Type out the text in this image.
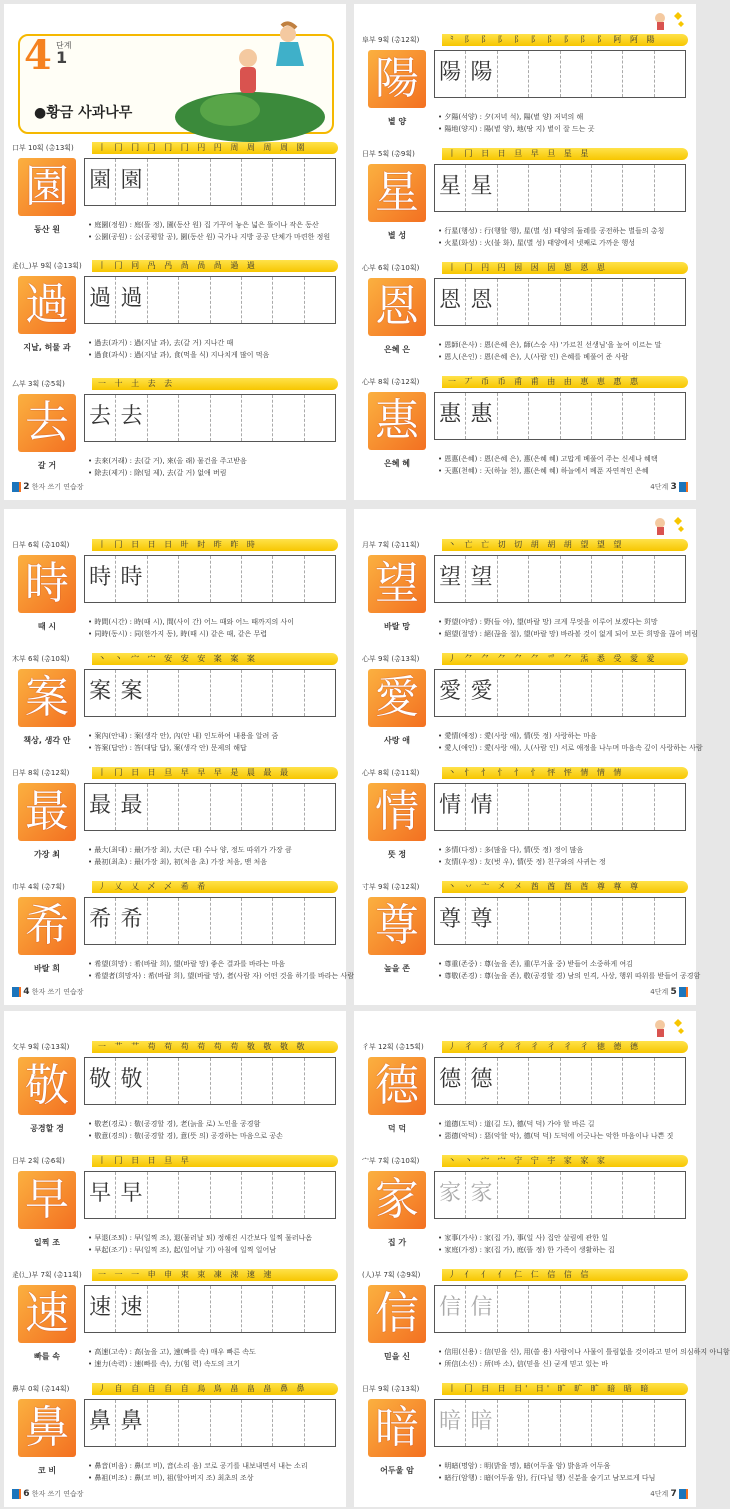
4 단계
1
●황금 사과나무
口부 10획 (총13획)	丨 冂 冂 冂 冂 冂 円 円 周 周 周 周 園
園 園 園
동산 원	• 庭園(정원) : 庭(뜰 정), 園(동산 원) 집 가꾸어 놓은 넓은 뜰이나 작은 동산
• 公園(공원) : 公(공평할 공), 園(동산 원) 국가나 지방 공공 단체가 마련한 정원
辵(辶)부 9획 (총13획)	丨 冂 冋 冎 冎 咼 咼 咼 過 過
過 過 過
지날, 허물 과	• 過去(과거) : 過(지날 과), 去(갈 거) 지나간 때
• 過食(과식) : 過(지날 과), 食(먹을 식) 지나치게 많이 먹음
厶부 3획 (총5획)	一 十 土 去 去
去 去 去
갈 거	• 去來(거래) : 去(갈 거), 來(올 래) 물건을 주고받음
• 除去(제거) : 除(덜 제), 去(갈 거) 없애 버림
2 한자 쓰기 연습장
阜부 9획 (총12획)	⺀ ⻖ ⻖ ⻖ 阝 阝 阝 阝 阝 阝 阿 阿 陽
陽 陽 陽
볕 양	• 夕陽(석양) : 夕(저녁 석), 陽(볕 양) 저녁의 해
• 陽地(양지) : 陽(볕 양), 地(땅 지) 볕이 잘 드는 곳
日부 5획 (총9획)	丨 冂 日 日 旦 早 旦 星 星
星 星 星
별 성	• 行星(행성) : 行(행할 행), 星(별 성) 태양의 둘레를 공전하는 별들의 총칭
• 火星(화성) : 火(불 화), 星(별 성) 태양에서 넷째로 가까운 행성
心부 6획 (총10획)	丨 冂 円 円 因 因 因 恩 恩 恩
恩 恩 恩
은혜 은	• 恩師(은사) : 恩(은혜 은), 師(스승 사) '가르친 선생님'을 높여 이르는 말
• 恩人(은인) : 恩(은혜 은), 人(사람 인) 은혜를 베풀어 준 사람
心부 8획 (총12획)	一 丆 币 币 甫 甫 由 由 恵 恵 惠 惠
惠 惠 惠
은혜 혜	• 恩惠(은혜) : 恩(은혜 은), 惠(은혜 혜) 고맙게 베풀어 주는 신세나 혜택
• 天惠(천혜) : 天(하늘 천), 惠(은혜 혜) 하늘에서 베푼 자연적인 은혜
4단계 3
日부 6획 (총10획)	丨 冂 日 日 日 旪 时 昨 昨 時
時 時 時
때 시	• 時間(시간) : 時(때 시), 間(사이 간) 어느 때와 어느 때까지의 사이
• 同時(동시) : 同(한가지 동), 時(때 시) 같은 때, 같은 무렵
木부 6획 (총10획)	丶 丶 宀 宀 安 安 安 案 案 案
案 案 案
책상, 생각 안	• 案內(안내) : 案(생각 안), 內(안 내) 인도하여 내용을 알려 줌
• 答案(답안) : 答(대답 답), 案(생각 안) 문제의 해답
日부 8획 (총12획)	丨 冂 日 日 旦 早 早 早 是 晨 最 最
最 最 最
가장 최	• 最大(최대) : 最(가장 최), 大(큰 대) 수나 양, 정도 따위가 가장 큼
• 最初(최초) : 最(가장 최), 初(처음 초) 가장 처음, 맨 처음
巾부 4획 (총7획)	丿 乂 乂 乄 乄 希 希
希 希 希
바랄 희	• 希望(희망) : 希(바랄 희), 望(바랄 망) 좋은 결과를 바라는 마음
• 希望者(희망자) : 希(바랄 희), 望(바랄 망), 者(사람 자) 어떤 것을 하기를 바라는 사람
4 한자 쓰기 연습장
月부 7획 (총11획)	丶 亡 亡 切 切 胡 胡 胡 望 望 望
望 望 望
바랄 망	• 野望(야망) : 野(들 야), 望(바랄 망) 크게 무엇을 이루어 보겠다는 희망
• 絕望(절망) : 絕(끊을 절), 望(바랄 망) 바라볼 것이 없게 되어 모든 희망을 끊어 버림
心부 9획 (총13획)	丿 ⺈ ⺈ ⺈ ⺈ ⺈ 爫 ⺈ 炁 悉 受 愛 愛
愛 愛 愛
사랑 애	• 愛情(애정) : 愛(사랑 애), 情(뜻 정) 사랑하는 마음
• 愛人(애인) : 愛(사랑 애), 人(사람 인) 서로 애정을 나누며 마음속 깊이 사랑하는 사람
心부 8획 (총11획)	丶 忄 忄 忄 忄 忄 怦 怦 情 情 情
情 情 情
뜻 정	• 多情(다정) : 多(많을 다), 情(뜻 정) 정이 많음
• 友情(우정) : 友(벗 우), 情(뜻 정) 친구와의 사귀는 정
寸부 9획 (총12획)	丶 丷 亠 㐅 㐅 酋 酋 酋 酋 尊 尊 尊
尊 尊 尊
높을 존	• 尊重(존중) : 尊(높을 존), 重(무거울 중) 받들어 소중하게 여김
• 尊敬(존경) : 尊(높을 존), 敬(공경할 경) 남의 인격, 사상, 행위 따위를 받들어 공경함
4단계 5
攵부 9획 (총13획)	一 艹 艹 苟 苟 苟 苟 苟 苟 敬 敬 敬 敬
敬 敬 敬
공경할 경	• 敬老(경로) : 敬(공경할 경), 老(늙을 로) 노인을 공경함
• 敬意(경의) : 敬(공경할 경), 意(뜻 의) 공경하는 마음으로 공손
日부 2획 (총6획)	丨 冂 日 日 旦 早
早 早 早
일찍 조	• 早退(조퇴) : 早(일찍 조), 退(물러날 퇴) 정해진 시간보다 일찍 물러나옴
• 早起(조기) : 早(일찍 조), 起(일어날 기) 아침에 일찍 일어남
辵(辶)부 7획 (총11획)	一 一 一 申 申 束 束 凍 涑 速 速
速 速 速
빠를 속	• 高速(고속) : 高(높을 고), 速(빠를 속) 매우 빠른 속도
• 速力(속력) : 速(빠를 속), 力(힘 력) 속도의 크기
鼻부 0획 (총14획)	丿 自 自 自 自 自 鳥 鳥 畠 畠 畠 鼻 鼻
鼻 鼻 鼻
코 비	• 鼻音(비음) : 鼻(코 비), 音(소리 음) 코로 공기를 내보내면서 내는 소리
• 鼻祖(비조) : 鼻(코 비), 祖(할아버지 조) 최초의 조상
6 한자 쓰기 연습장
彳부 12획 (총15획)	丿 彳 彳 彳 彳 彳 彳 彳 彳 徳 德 德
德 德 德
덕 덕	• 道德(도덕) : 道(길 도), 德(덕 덕) 가야 할 바른 길
• 惡德(악덕) : 惡(악할 악), 德(덕 덕) 도덕에 어긋나는 악한 마음이나 나쁜 짓
宀부 7획 (총10획)	丶 丶 宀 宀 宁 宁 宇 家 家 家
家 家 家
집 가	• 家事(가사) : 家(집 가), 事(일 사) 집안 살림에 관한 일
• 家庭(가정) : 家(집 가), 庭(뜰 정) 한 가족이 생활하는 집
(人)부 7획 (총9획)	丿 亻 亻 亻 仁 仁 信 信 信
信 信 信
믿을 신	• 信用(신용) : 信(믿을 신), 用(쓸 용) 사람이나 사물이 틀림없을 것이라고 믿어 의심하지 아니함
• 所信(소신) : 所(바 소), 信(믿을 신) 굳게 믿고 있는 바
日부 9획 (총13획)	丨 冂 日 日 日' 日' 旷 旷 旷 暗 暗 暗
暗 暗 暗
어두울 암	• 明暗(명암) : 明(밝을 명), 暗(어두울 암) 밝음과 어두움
• 暗行(암행) : 暗(어두울 암), 行(다닐 행) 신분을 숨기고 남모르게 다님
4단계 7
